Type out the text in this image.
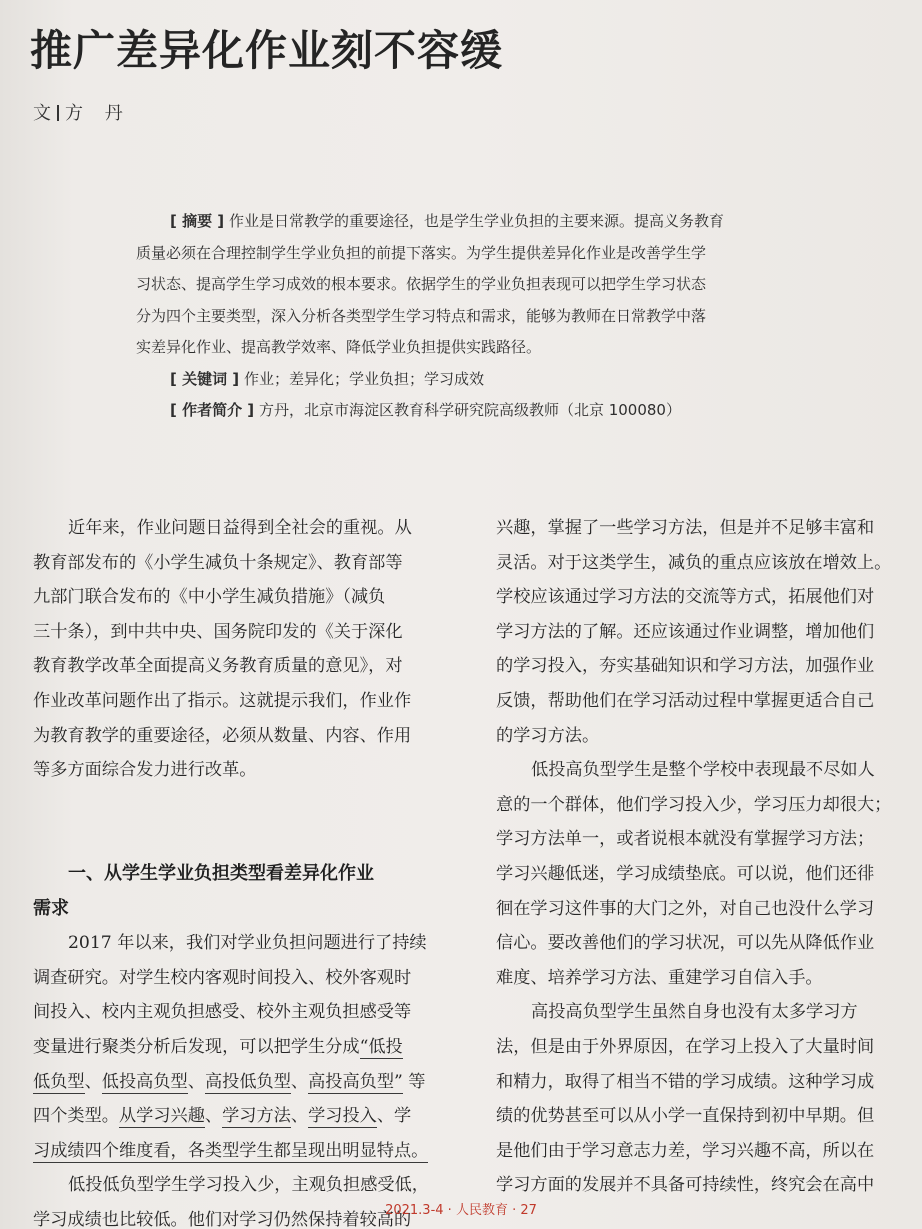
推广差异化作业刻不容缓
文 方 丹
[ 摘要 ] 作业是日常教学的重要途径，也是学生学业负担的主要来源。提高义务教育
质量必须在合理控制学生学业负担的前提下落实。为学生提供差异化作业是改善学生学
习状态、提高学生学习成效的根本要求。依据学生的学业负担表现可以把学生学习状态
分为四个主要类型，深入分析各类型学生学习特点和需求，能够为教师在日常教学中落
实差异化作业、提高教学效率、降低学业负担提供实践路径。
[ 关键词 ] 作业；差异化；学业负担；学习成效
[ 作者简介 ] 方丹，北京市海淀区教育科学研究院高级教师（北京 100080）
近年来，作业问题日益得到全社会的重视。从
教育部发布的《小学生减负十条规定》、教育部等
九部门联合发布的《中小学生减负措施》（减负
三十条），到中共中央、国务院印发的《关于深化
教育教学改革全面提高义务教育质量的意见》，对
作业改革问题作出了指示。这就提示我们，作业作
为教育教学的重要途径，必须从数量、内容、作用
等多方面综合发力进行改革。
一、从学生学业负担类型看差异化作业
需求
2017 年以来，我们对学业负担问题进行了持续
调查研究。对学生校内客观时间投入、校外客观时
间投入、校内主观负担感受、校外主观负担感受等
变量进行聚类分析后发现，可以把学生分成“低投
低负型、低投高负型、高投低负型、高投高负型” 等
四个类型。从学习兴趣、学习方法、学习投入、学
习成绩四个维度看，各类型学生都呈现出明显特点。
低投低负型学生学习投入少，主观负担感受低，
学习成绩也比较低。他们对学习仍然保持着较高的
兴趣，掌握了一些学习方法，但是并不足够丰富和
灵活。对于这类学生，减负的重点应该放在增效上。
学校应该通过学习方法的交流等方式，拓展他们对
学习方法的了解。还应该通过作业调整，增加他们
的学习投入，夯实基础知识和学习方法，加强作业
反馈，帮助他们在学习活动过程中掌握更适合自己
的学习方法。
低投高负型学生是整个学校中表现最不尽如人
意的一个群体，他们学习投入少，学习压力却很大；
学习方法单一，或者说根本就没有掌握学习方法；
学习兴趣低迷，学习成绩垫底。可以说，他们还徘
徊在学习这件事的大门之外，对自己也没什么学习
信心。要改善他们的学习状况，可以先从降低作业
难度、培养学习方法、重建学习自信入手。
高投高负型学生虽然自身也没有太多学习方
法，但是由于外界原因，在学习上投入了大量时间
和精力，取得了相当不错的学习成绩。这种学习成
绩的优势甚至可以从小学一直保持到初中早期。但
是他们由于学习意志力差，学习兴趣不高，所以在
学习方面的发展并不具备可持续性，终究会在高中
2021.3-4 · 人民教育 · 27
